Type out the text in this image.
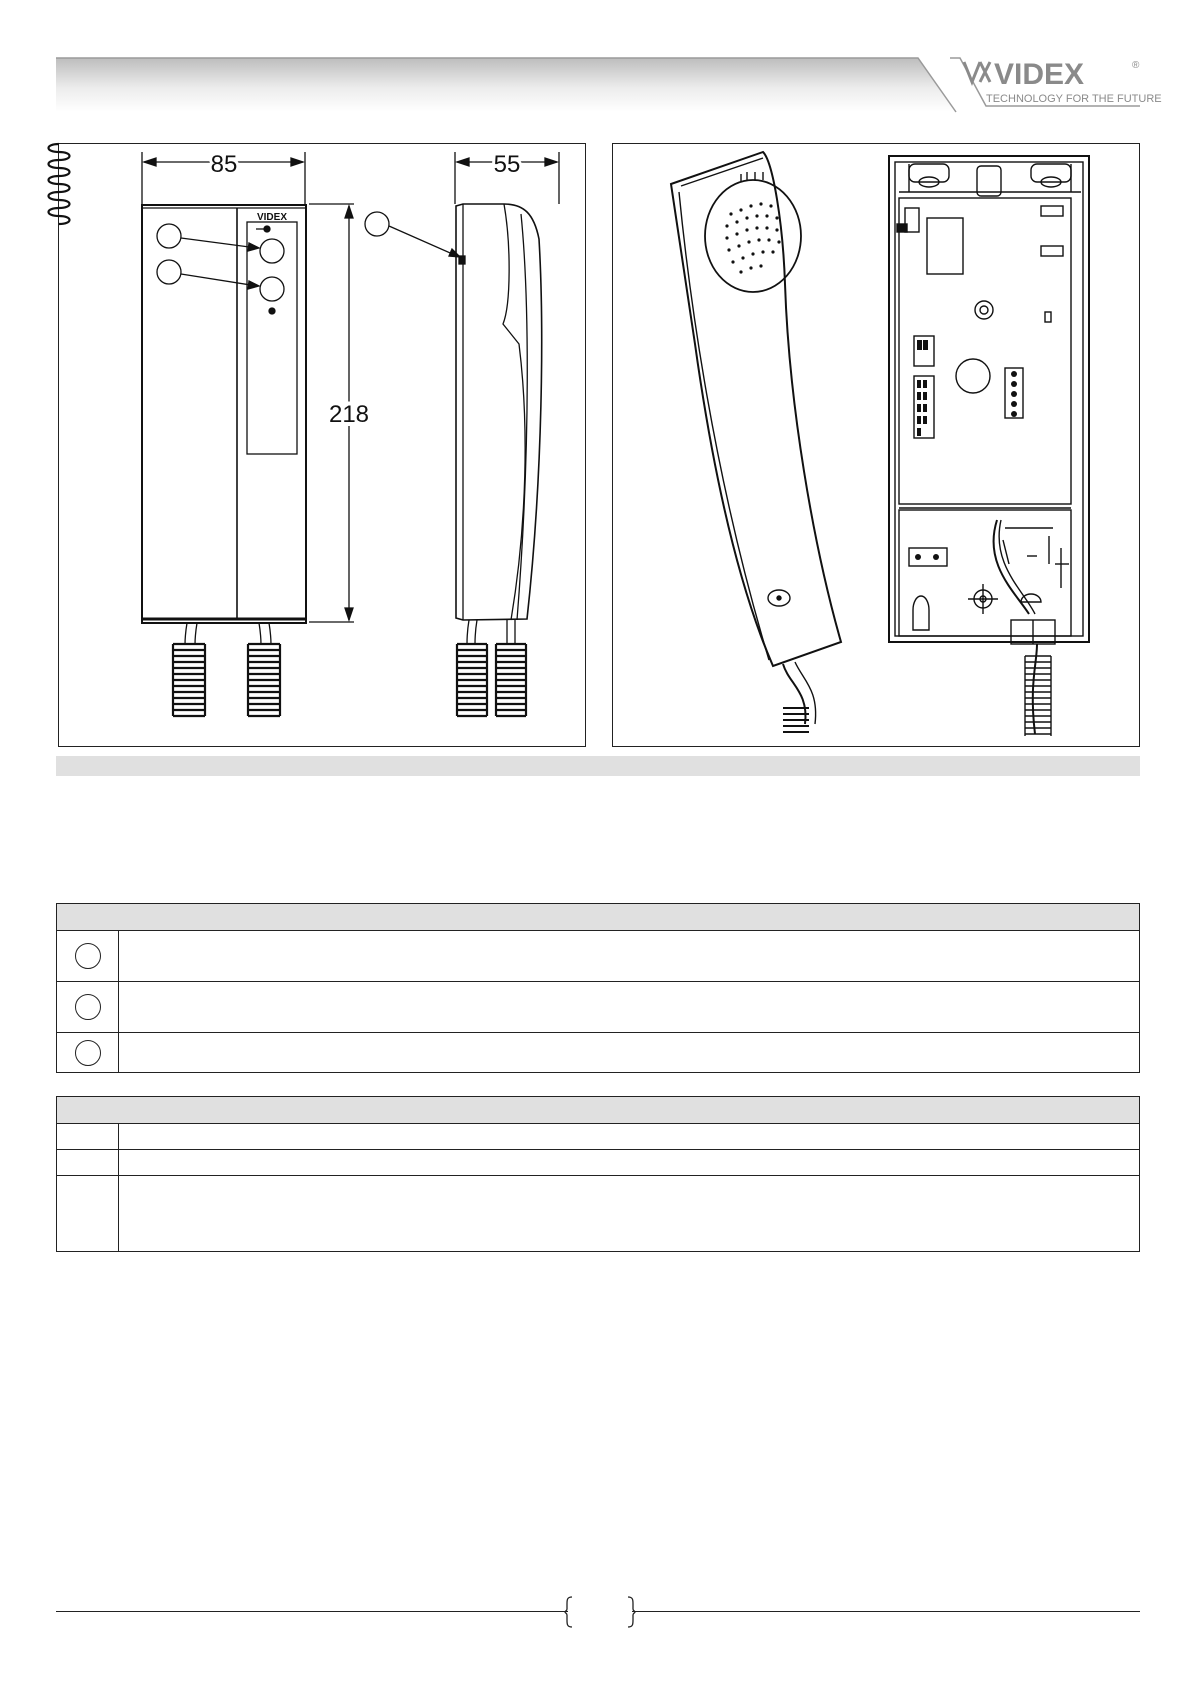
VIDEX	®
TECHNOLOGY FOR THE FUTURE
85	55
218
VIDEX
